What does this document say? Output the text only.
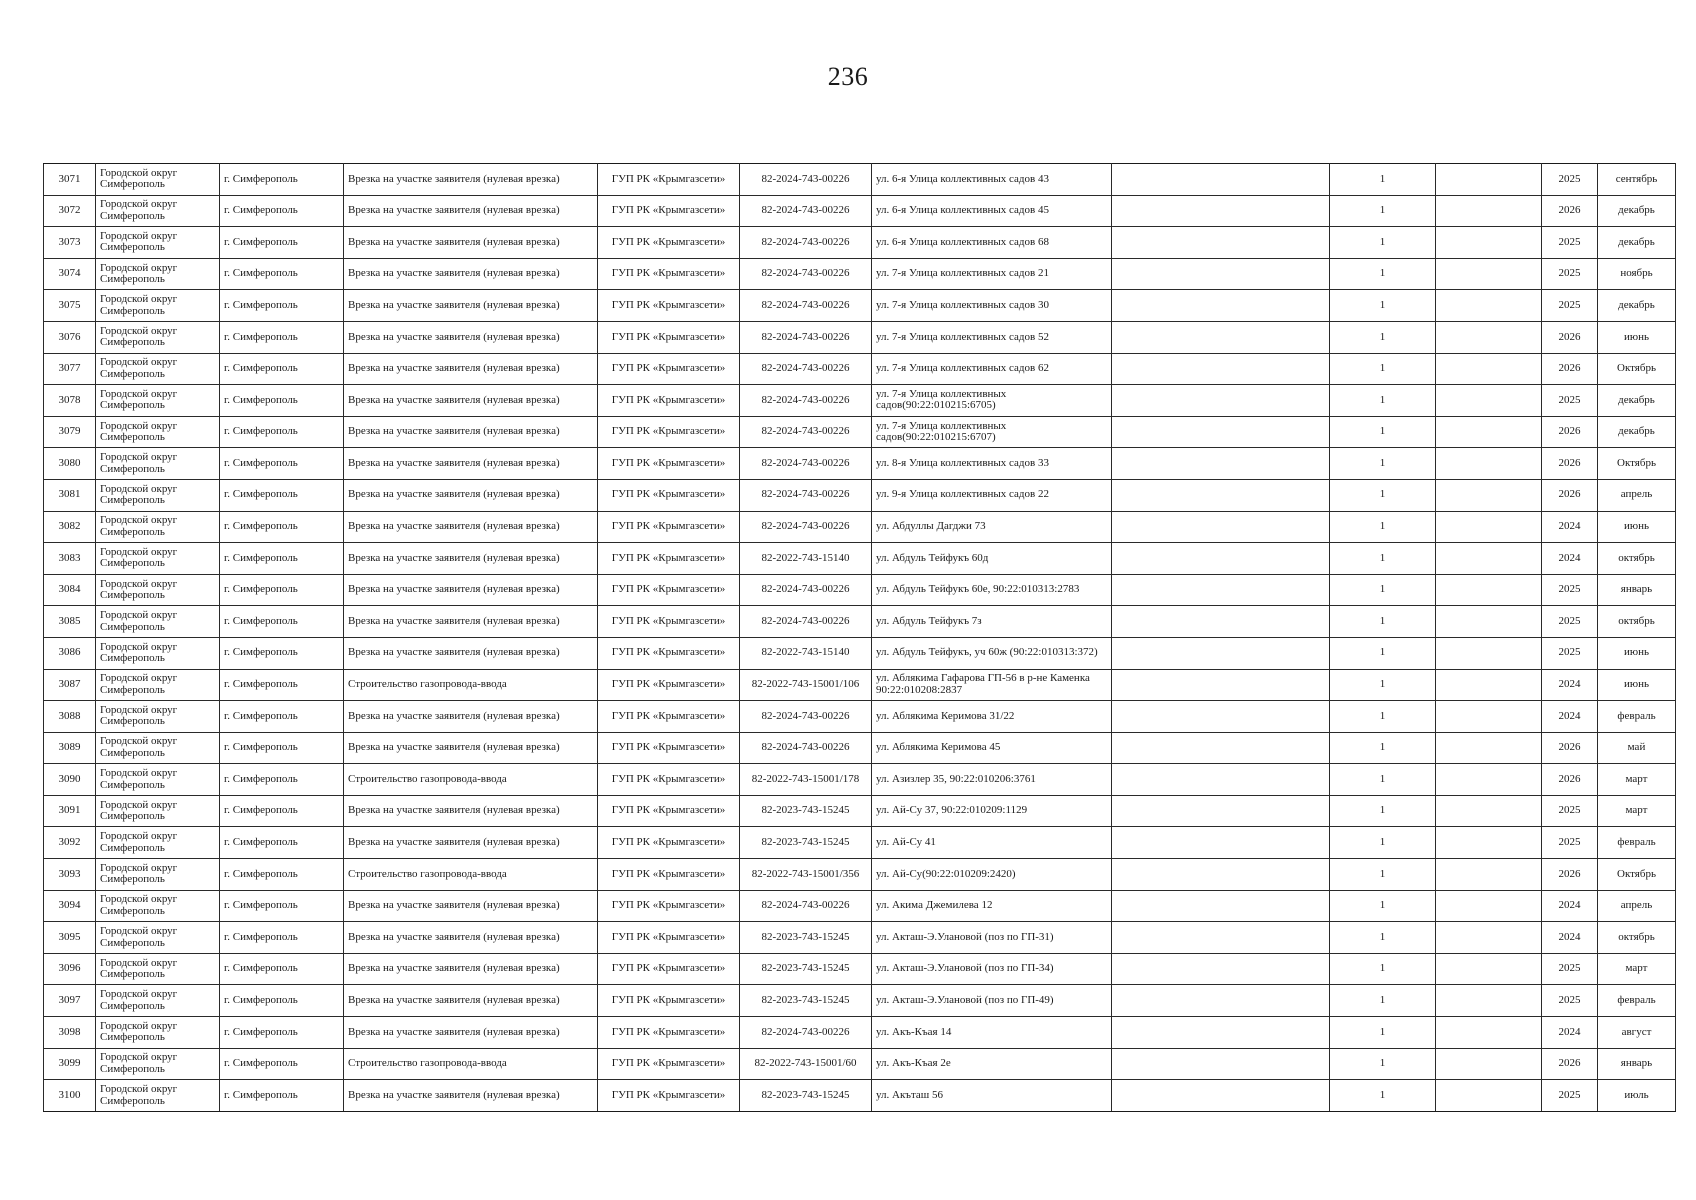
236
3071	Городской округ Симферополь	г. Симферополь	Врезка на участке заявителя (нулевая врезка)	ГУП РК «Крымгазсети»	82-2024-743-00226	ул. 6-я Улица коллективных садов 43		1		2025	сентябрь
3072	Городской округ Симферополь	г. Симферополь	Врезка на участке заявителя (нулевая врезка)	ГУП РК «Крымгазсети»	82-2024-743-00226	ул. 6-я Улица коллективных садов 45		1		2026	декабрь
3073	Городской округ Симферополь	г. Симферополь	Врезка на участке заявителя (нулевая врезка)	ГУП РК «Крымгазсети»	82-2024-743-00226	ул. 6-я Улица коллективных садов 68		1		2025	декабрь
3074	Городской округ Симферополь	г. Симферополь	Врезка на участке заявителя (нулевая врезка)	ГУП РК «Крымгазсети»	82-2024-743-00226	ул. 7-я Улица коллективных садов 21		1		2025	ноябрь
3075	Городской округ Симферополь	г. Симферополь	Врезка на участке заявителя (нулевая врезка)	ГУП РК «Крымгазсети»	82-2024-743-00226	ул. 7-я Улица коллективных садов 30		1		2025	декабрь
3076	Городской округ Симферополь	г. Симферополь	Врезка на участке заявителя (нулевая врезка)	ГУП РК «Крымгазсети»	82-2024-743-00226	ул. 7-я Улица коллективных садов 52		1		2026	июнь
3077	Городской округ Симферополь	г. Симферополь	Врезка на участке заявителя (нулевая врезка)	ГУП РК «Крымгазсети»	82-2024-743-00226	ул. 7-я Улица коллективных садов 62		1		2026	Октябрь
3078	Городской округ Симферополь	г. Симферополь	Врезка на участке заявителя (нулевая врезка)	ГУП РК «Крымгазсети»	82-2024-743-00226	ул. 7-я Улица коллективных садов(90:22:010215:6705)		1		2025	декабрь
3079	Городской округ Симферополь	г. Симферополь	Врезка на участке заявителя (нулевая врезка)	ГУП РК «Крымгазсети»	82-2024-743-00226	ул. 7-я Улица коллективных садов(90:22:010215:6707)		1		2026	декабрь
3080	Городской округ Симферополь	г. Симферополь	Врезка на участке заявителя (нулевая врезка)	ГУП РК «Крымгазсети»	82-2024-743-00226	ул. 8-я Улица коллективных садов 33		1		2026	Октябрь
3081	Городской округ Симферополь	г. Симферополь	Врезка на участке заявителя (нулевая врезка)	ГУП РК «Крымгазсети»	82-2024-743-00226	ул. 9-я Улица коллективных садов 22		1		2026	апрель
3082	Городской округ Симферополь	г. Симферополь	Врезка на участке заявителя (нулевая врезка)	ГУП РК «Крымгазсети»	82-2024-743-00226	ул. Абдуллы Дагджи 73		1		2024	июнь
3083	Городской округ Симферополь	г. Симферополь	Врезка на участке заявителя (нулевая врезка)	ГУП РК «Крымгазсети»	82-2022-743-15140	ул. Абдуль Тейфукъ 60д		1		2024	октябрь
3084	Городской округ Симферополь	г. Симферополь	Врезка на участке заявителя (нулевая врезка)	ГУП РК «Крымгазсети»	82-2024-743-00226	ул. Абдуль Тейфукъ 60е, 90:22:010313:2783		1		2025	январь
3085	Городской округ Симферополь	г. Симферополь	Врезка на участке заявителя (нулевая врезка)	ГУП РК «Крымгазсети»	82-2024-743-00226	ул. Абдуль Тейфукъ 7з		1		2025	октябрь
3086	Городской округ Симферополь	г. Симферополь	Врезка на участке заявителя (нулевая врезка)	ГУП РК «Крымгазсети»	82-2022-743-15140	ул. Абдуль Тейфукъ, уч 60ж (90:22:010313:372)		1		2025	июнь
3087	Городской округ Симферополь	г. Симферополь	Строительство газопровода-ввода	ГУП РК «Крымгазсети»	82-2022-743-15001/106	ул. Аблякима Гафарова ГП-56 в р-не Каменка 90:22:010208:2837		1		2024	июнь
3088	Городской округ Симферополь	г. Симферополь	Врезка на участке заявителя (нулевая врезка)	ГУП РК «Крымгазсети»	82-2024-743-00226	ул. Аблякима Керимова 31/22		1		2024	февраль
3089	Городской округ Симферополь	г. Симферополь	Врезка на участке заявителя (нулевая врезка)	ГУП РК «Крымгазсети»	82-2024-743-00226	ул. Аблякима Керимова 45		1		2026	май
3090	Городской округ Симферополь	г. Симферополь	Строительство газопровода-ввода	ГУП РК «Крымгазсети»	82-2022-743-15001/178	ул. Азизлер 35, 90:22:010206:3761		1		2026	март
3091	Городской округ Симферополь	г. Симферополь	Врезка на участке заявителя (нулевая врезка)	ГУП РК «Крымгазсети»	82-2023-743-15245	ул. Ай-Су 37, 90:22:010209:1129		1		2025	март
3092	Городской округ Симферополь	г. Симферополь	Врезка на участке заявителя (нулевая врезка)	ГУП РК «Крымгазсети»	82-2023-743-15245	ул. Ай-Су 41		1		2025	февраль
3093	Городской округ Симферополь	г. Симферополь	Строительство газопровода-ввода	ГУП РК «Крымгазсети»	82-2022-743-15001/356	ул. Ай-Су(90:22:010209:2420)		1		2026	Октябрь
3094	Городской округ Симферополь	г. Симферополь	Врезка на участке заявителя (нулевая врезка)	ГУП РК «Крымгазсети»	82-2024-743-00226	ул. Акима Джемилева 12		1		2024	апрель
3095	Городской округ Симферополь	г. Симферополь	Врезка на участке заявителя (нулевая врезка)	ГУП РК «Крымгазсети»	82-2023-743-15245	ул. Акташ-Э.Улановой (поз по ГП-31)		1		2024	октябрь
3096	Городской округ Симферополь	г. Симферополь	Врезка на участке заявителя (нулевая врезка)	ГУП РК «Крымгазсети»	82-2023-743-15245	ул. Акташ-Э.Улановой (поз по ГП-34)		1		2025	март
3097	Городской округ Симферополь	г. Симферополь	Врезка на участке заявителя (нулевая врезка)	ГУП РК «Крымгазсети»	82-2023-743-15245	ул. Акташ-Э.Улановой (поз по ГП-49)		1		2025	февраль
3098	Городской округ Симферополь	г. Симферополь	Врезка на участке заявителя (нулевая врезка)	ГУП РК «Крымгазсети»	82-2024-743-00226	ул. Акъ-Къая 14		1		2024	август
3099	Городской округ Симферополь	г. Симферополь	Строительство газопровода-ввода	ГУП РК «Крымгазсети»	82-2022-743-15001/60	ул. Акъ-Къая 2е		1		2026	январь
3100	Городской округ Симферополь	г. Симферополь	Врезка на участке заявителя (нулевая врезка)	ГУП РК «Крымгазсети»	82-2023-743-15245	ул. Акъташ 56		1		2025	июль
